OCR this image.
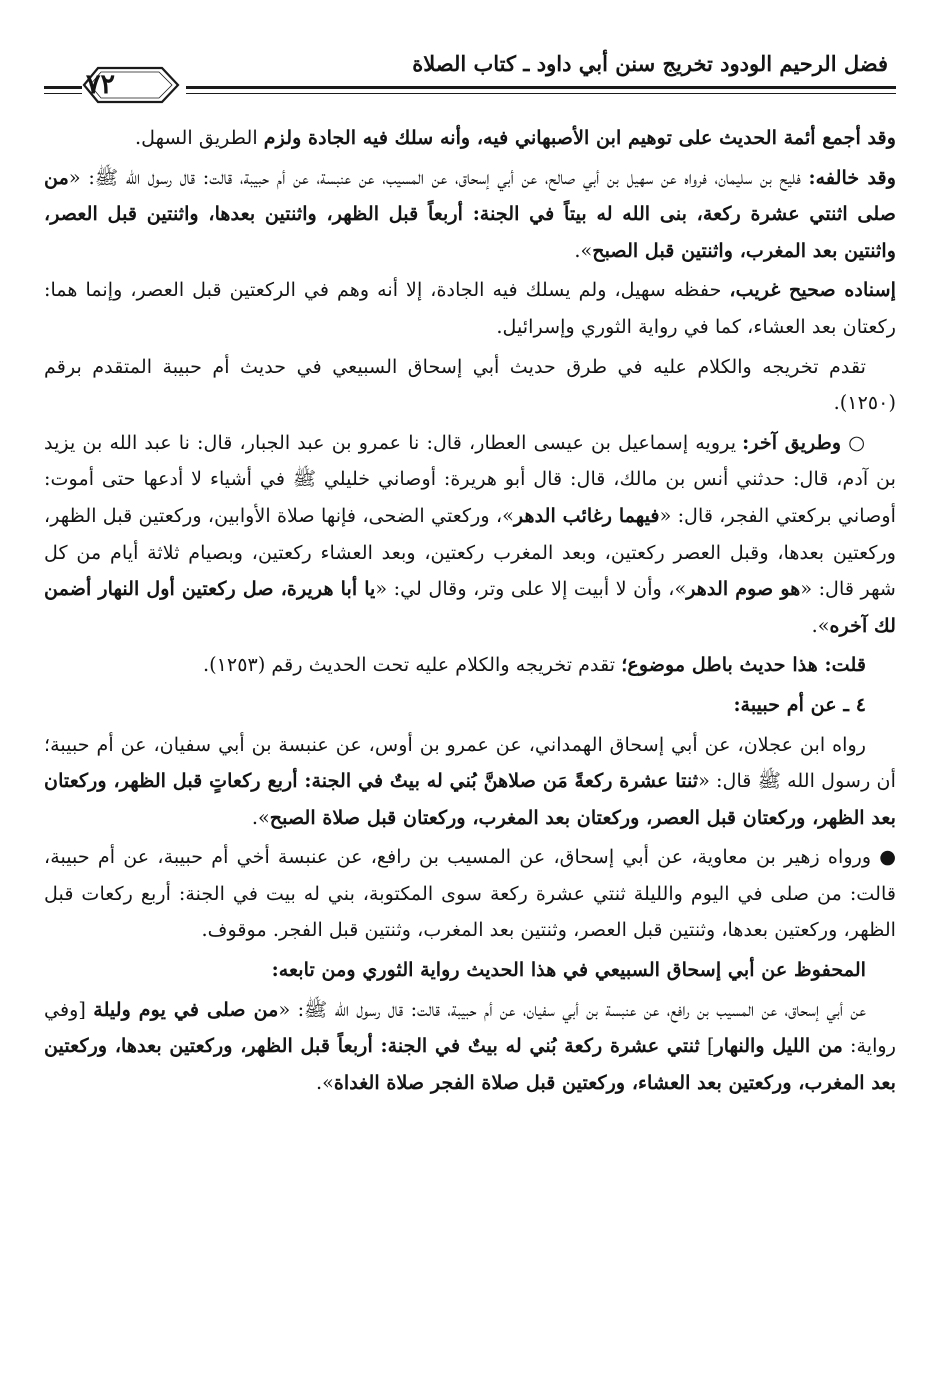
فضل الرحيم الودود تخريج سنن أبي داود ـ كتاب الصلاة
٧٢

وقد أجمع أئمة الحديث على توهيم ابن الأصبهاني فيه، وأنه سلك فيه الجادة ولزم الطريق السهل.

وقد خالفه: فليح بن سليمان، فرواه عن سهيل بن أبي صالح، عن أبي إسحاق، عن المسيب، عن عنبسة، عن أم حبيبة، قالت: قال رسول الله ﷺ: «من صلى اثنتي عشرة ركعة، بنى الله له بيتاً في الجنة: أربعاً قبل الظهر، واثنتين بعدها، واثنتين قبل العصر، واثنتين بعد المغرب، واثنتين قبل الصبح».

إسناده صحيح غريب، حفظه سهيل، ولم يسلك فيه الجادة، إلا أنه وهم في الركعتين قبل العصر، وإنما هما: ركعتان بعد العشاء، كما في رواية الثوري وإسرائيل.

تقدم تخريجه والكلام عليه في طرق حديث أبي إسحاق السبيعي في حديث أم حبيبة المتقدم برقم (١٢٥٠).

○ وطريق آخر: يرويه إسماعيل بن عيسى العطار، قال: نا عمرو بن عبد الجبار، قال: نا عبد الله بن يزيد بن آدم، قال: حدثني أنس بن مالك، قال: قال أبو هريرة: أوصاني خليلي ﷺ في أشياء لا أدعها حتى أموت: أوصاني بركعتي الفجر، قال: «فيهما رغائب الدهر»، وركعتي الضحى، فإنها صلاة الأوابين، وركعتين قبل الظهر، وركعتين بعدها، وقبل العصر ركعتين، وبعد المغرب ركعتين، وبعد العشاء ركعتين، وبصيام ثلاثة أيام من كل شهر قال: «هو صوم الدهر»، وأن لا أبيت إلا على وتر، وقال لي: «يا أبا هريرة، صل ركعتين أول النهار أضمن لك آخره».

قلت: هذا حديث باطل موضوع؛ تقدم تخريجه والكلام عليه تحت الحديث رقم (١٢٥٣).

٤ ـ عن أم حبيبة:

رواه ابن عجلان، عن أبي إسحاق الهمداني، عن عمرو بن أوس، عن عنبسة بن أبي سفيان، عن أم حبيبة؛ أن رسول الله ﷺ قال: «ثنتا عشرة ركعةً مَن صلاهنَّ بُني له بيتٌ في الجنة: أربع ركعاتٍ قبل الظهر، وركعتان بعد الظهر، وركعتان قبل العصر، وركعتان بعد المغرب، وركعتان قبل صلاة الصبح».

● ورواه زهير بن معاوية، عن أبي إسحاق، عن المسيب بن رافع، عن عنبسة أخي أم حبيبة، عن أم حبيبة، قالت: من صلى في اليوم والليلة ثنتي عشرة ركعة سوى المكتوبة، بني له بيت في الجنة: أربع ركعات قبل الظهر، وركعتين بعدها، وثنتين قبل العصر، وثنتين بعد المغرب، وثنتين قبل الفجر. موقوف.

المحفوظ عن أبي إسحاق السبيعي في هذا الحديث رواية الثوري ومن تابعه:

عن أبي إسحاق، عن المسيب بن رافع، عن عنبسة بن أبي سفيان، عن أم حبيبة، قالت: قال رسول الله ﷺ: «من صلى في يوم وليلة [وفي رواية: من الليل والنهار] ثنتي عشرة ركعة بُني له بيتٌ في الجنة: أربعاً قبل الظهر، وركعتين بعدها، وركعتين بعد المغرب، وركعتين بعد العشاء، وركعتين قبل صلاة الفجر صلاة الغداة».
